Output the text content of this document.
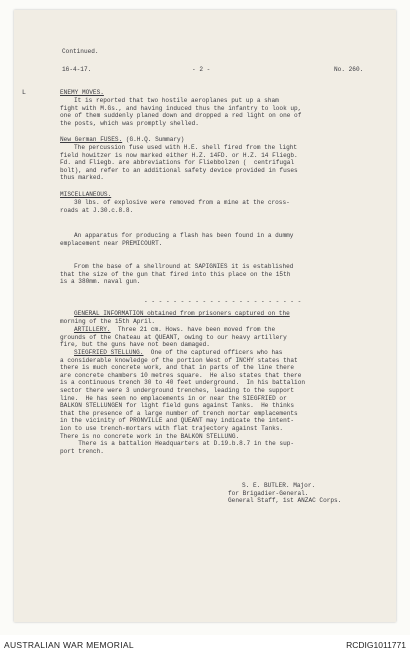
Continued.
16-4-17.	- 2 -	No. 260.
ENEMY MOVES.
It is reported that two hostile aeroplanes put up a sham
fight with M.Gs., and having induced thus the infantry to look up,
one of them suddenly planed down and dropped a red light on one of
the posts, which was promptly shelled.
New German FUSES. (G.H.Q. Summary)
The percussion fuse used with H.E. shell fired from the light
field howitzer is now marked either H.Z. 14FD. or H.Z. 14 Fliegb.
Fd. and Fliegb. are abbreviations for Fliebbolzen (  centrifugal
bolt), and refer to an additional safety device provided in fuses
thus marked.
MISCELLANEOUS.
30 lbs. of explosive were removed from a mine at the cross-
roads at J.30.c.8.8.
An apparatus for producing a flash has been found in a dummy
emplacement near PREMICOURT.
From the base of a shellround at SAPIGNIES it is established
that the size of the gun that fired into this place on the 15th
is a 380mm. naval gun.
- - - - - - - - - - - - - - - - - - - - - -
GENERAL INFORMATION obtained from prisoners captured on the
morning of the 15th April.
ARTILLERY.  Three 21 cm. Hows. have been moved from the
grounds of the Chateau at QUEANT, owing to our heavy artillery
fire, but the guns have not been damaged.
SIEGFRIED STELLUNG.  One of the captured officers who has
a considerable knowledge of the portion West of INCHY states that
there is much concrete work, and that in parts of the line there
are concrete chambers 10 metres square.  He also states that there
is a continuous trench 30 to 40 feet underground.  In his battalion
sector there were 3 underground trenches, leading to the support
line.  He has seen no emplacements in or near the SIEGFRIED or
BALKON STELLUNGEN for light field guns against Tanks.  He thinks
that the presence of a large number of trench mortar emplacements
in the vicinity of PRONVILLE and QUEANT may indicate the intent-
ion to use trench-mortars with flat trajectory against Tanks.
There is no concrete work in the BALKON STELLUNG.
There is a battalion Headquarters at D.19.b.8.7 in the sup-
port trench.
S. E. BUTLER. Major.
for Brigadier-General.
General Staff, 1st ANZAC Corps.
L
AUSTRALIAN WAR MEMORIAL	RCDIG1011771
